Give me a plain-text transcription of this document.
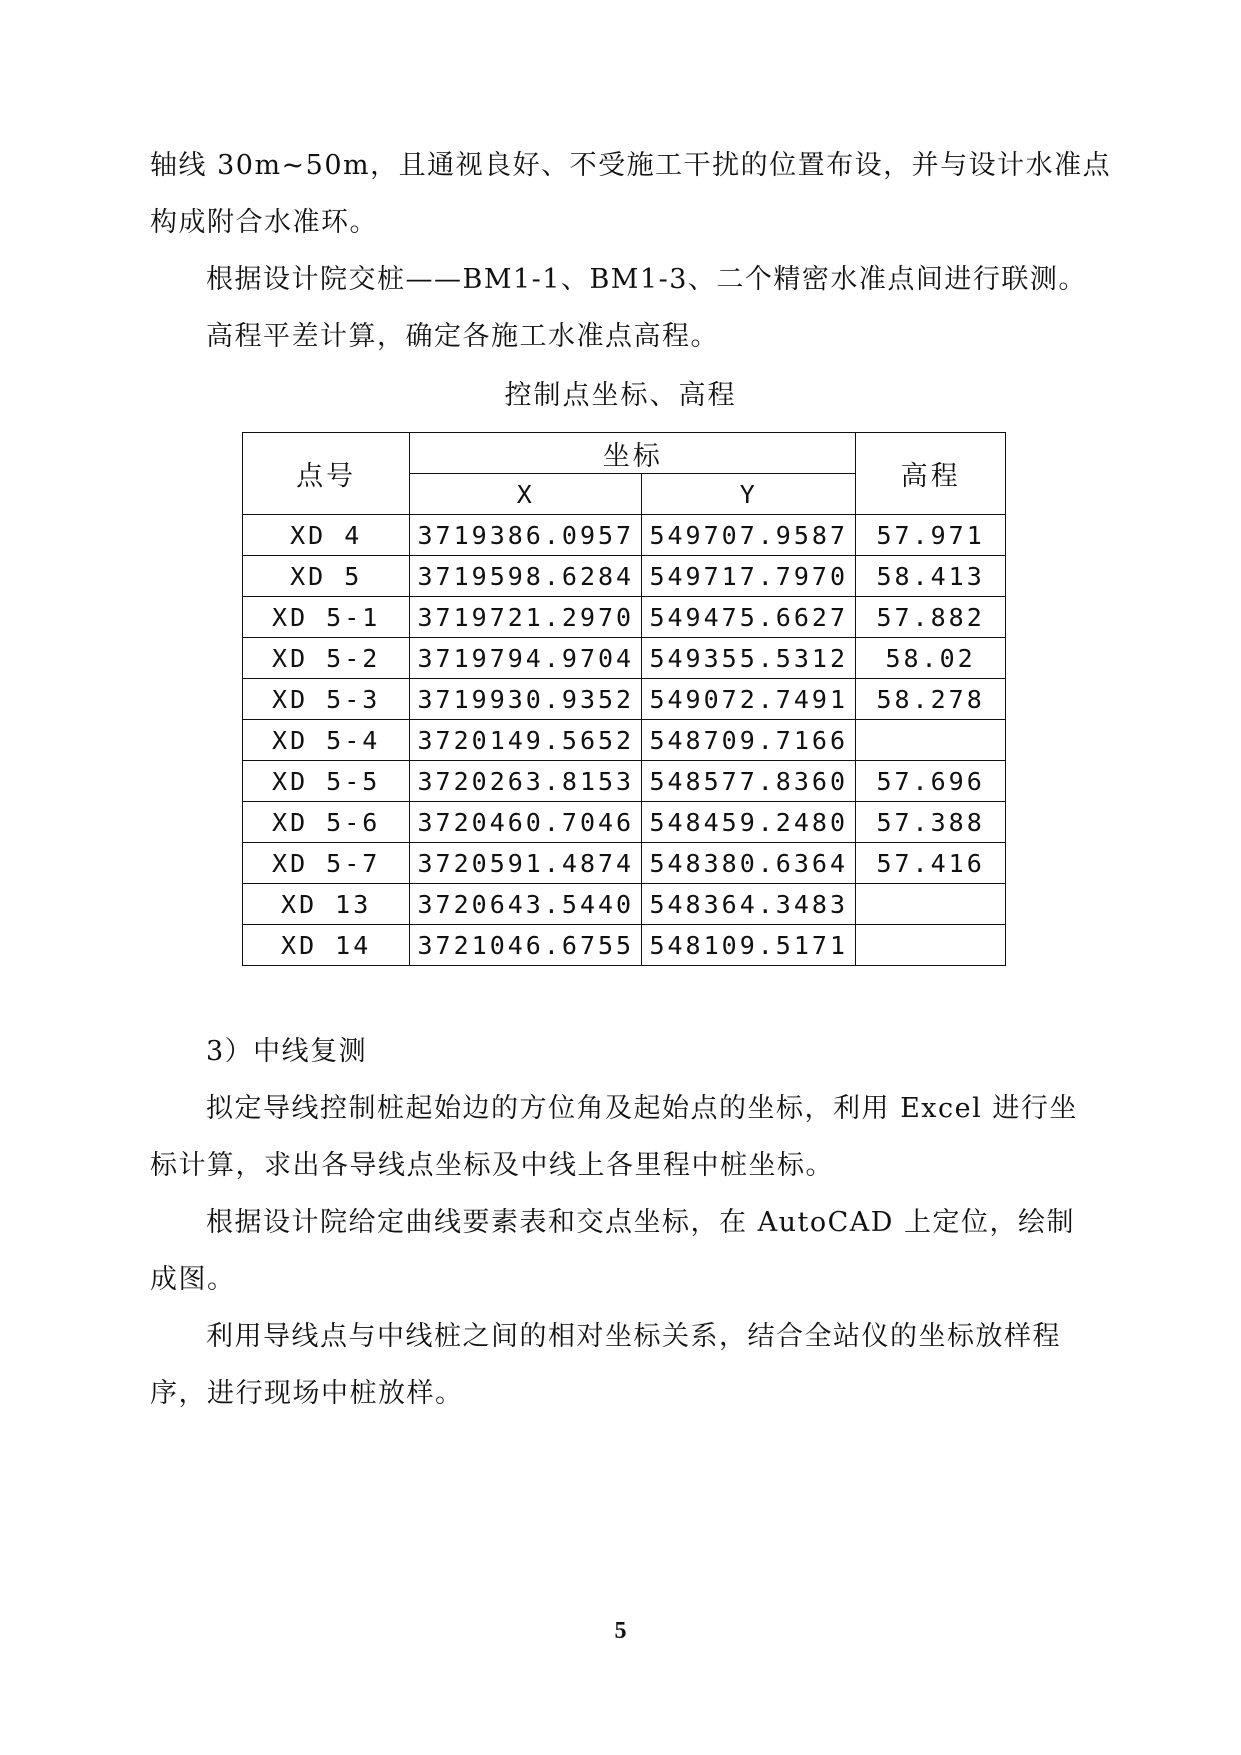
轴线 30m~50m，且通视良好、不受施工干扰的位置布设，并与设计水准点

构成附合水准环。

根据设计院交桩——BM1-1、BM1-3、二个精密水准点间进行联测。

高程平差计算，确定各施工水准点高程。

控制点坐标、高程
点号	坐标		高程
	X	Y	
XD 4	3719386.0957	549707.9587	57.971
XD 5	3719598.6284	549717.7970	58.413
XD 5-1	3719721.2970	549475.6627	57.882
XD 5-2	3719794.9704	549355.5312	58.02
XD 5-3	3719930.9352	549072.7491	58.278
XD 5-4	3720149.5652	548709.7166	
XD 5-5	3720263.8153	548577.8360	57.696
XD 5-6	3720460.7046	548459.2480	57.388
XD 5-7	3720591.4874	548380.6364	57.416
XD 13	3720643.5440	548364.3483	
XD 14	3721046.6755	548109.5171	

3）中线复测

拟定导线控制桩起始边的方位角及起始点的坐标，利用 Excel 进行坐

标计算，求出各导线点坐标及中线上各里程中桩坐标。

根据设计院给定曲线要素表和交点坐标，在 AutoCAD 上定位，绘制

成图。

利用导线点与中线桩之间的相对坐标关系，结合全站仪的坐标放样程

序，进行现场中桩放样。

5
